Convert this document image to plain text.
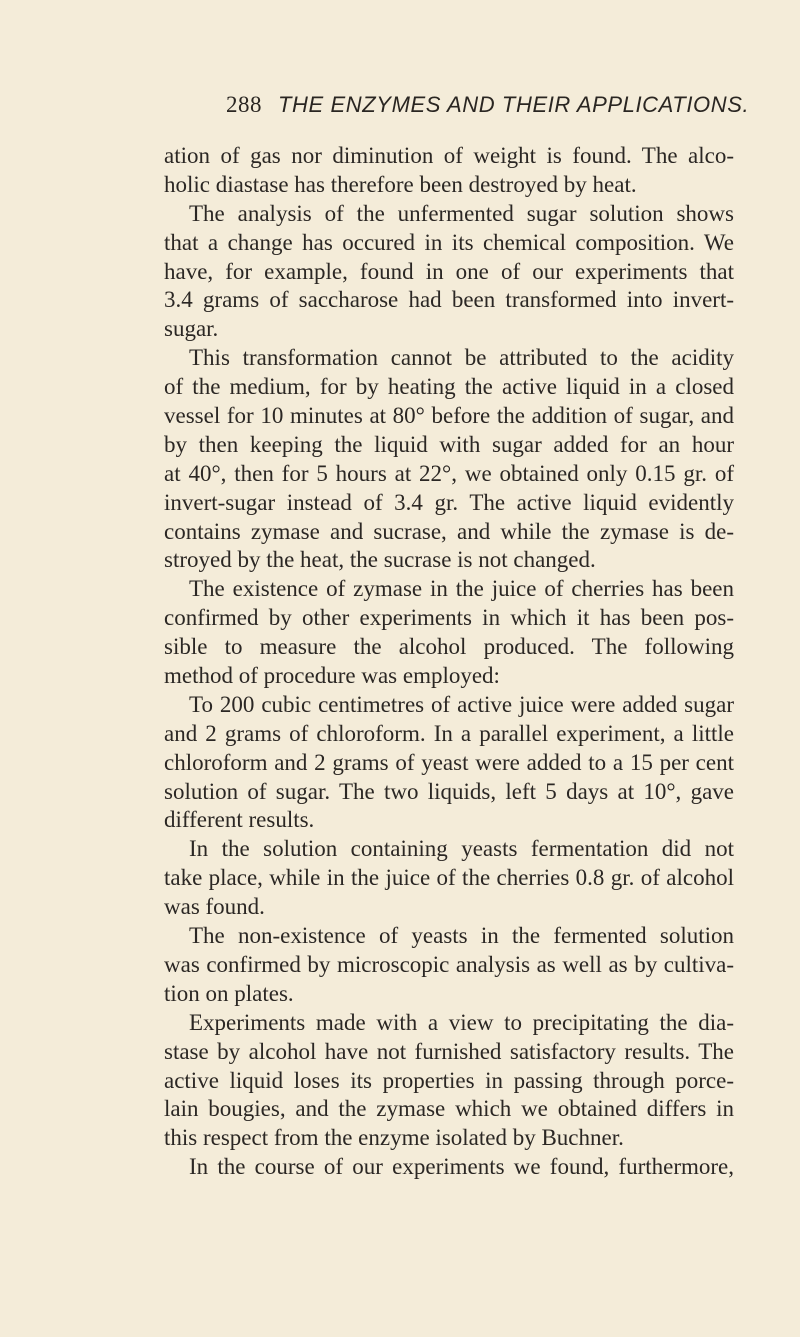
288 THE ENZYMES AND THEIR APPLICATIONS.
ation of gas nor diminution of weight is found. The alco-
holic diastase has therefore been destroyed by heat.
The analysis of the unfermented sugar solution shows
that a change has occured in its chemical composition. We
have, for example, found in one of our experiments that
3.4 grams of saccharose had been transformed into invert-
sugar.
This transformation cannot be attributed to the acidity
of the medium, for by heating the active liquid in a closed
vessel for 10 minutes at 80° before the addition of sugar, and
by then keeping the liquid with sugar added for an hour
at 40°, then for 5 hours at 22°, we obtained only 0.15 gr. of
invert-sugar instead of 3.4 gr. The active liquid evidently
contains zymase and sucrase, and while the zymase is de-
stroyed by the heat, the sucrase is not changed.
The existence of zymase in the juice of cherries has been
confirmed by other experiments in which it has been pos-
sible to measure the alcohol produced. The following
method of procedure was employed:
To 200 cubic centimetres of active juice were added sugar
and 2 grams of chloroform. In a parallel experiment, a little
chloroform and 2 grams of yeast were added to a 15 per cent
solution of sugar. The two liquids, left 5 days at 10°, gave
different results.
In the solution containing yeasts fermentation did not
take place, while in the juice of the cherries 0.8 gr. of alcohol
was found.
The non-existence of yeasts in the fermented solution
was confirmed by microscopic analysis as well as by cultiva-
tion on plates.
Experiments made with a view to precipitating the dia-
stase by alcohol have not furnished satisfactory results. The
active liquid loses its properties in passing through porce-
lain bougies, and the zymase which we obtained differs in
this respect from the enzyme isolated by Buchner.
In the course of our experiments we found, furthermore,
